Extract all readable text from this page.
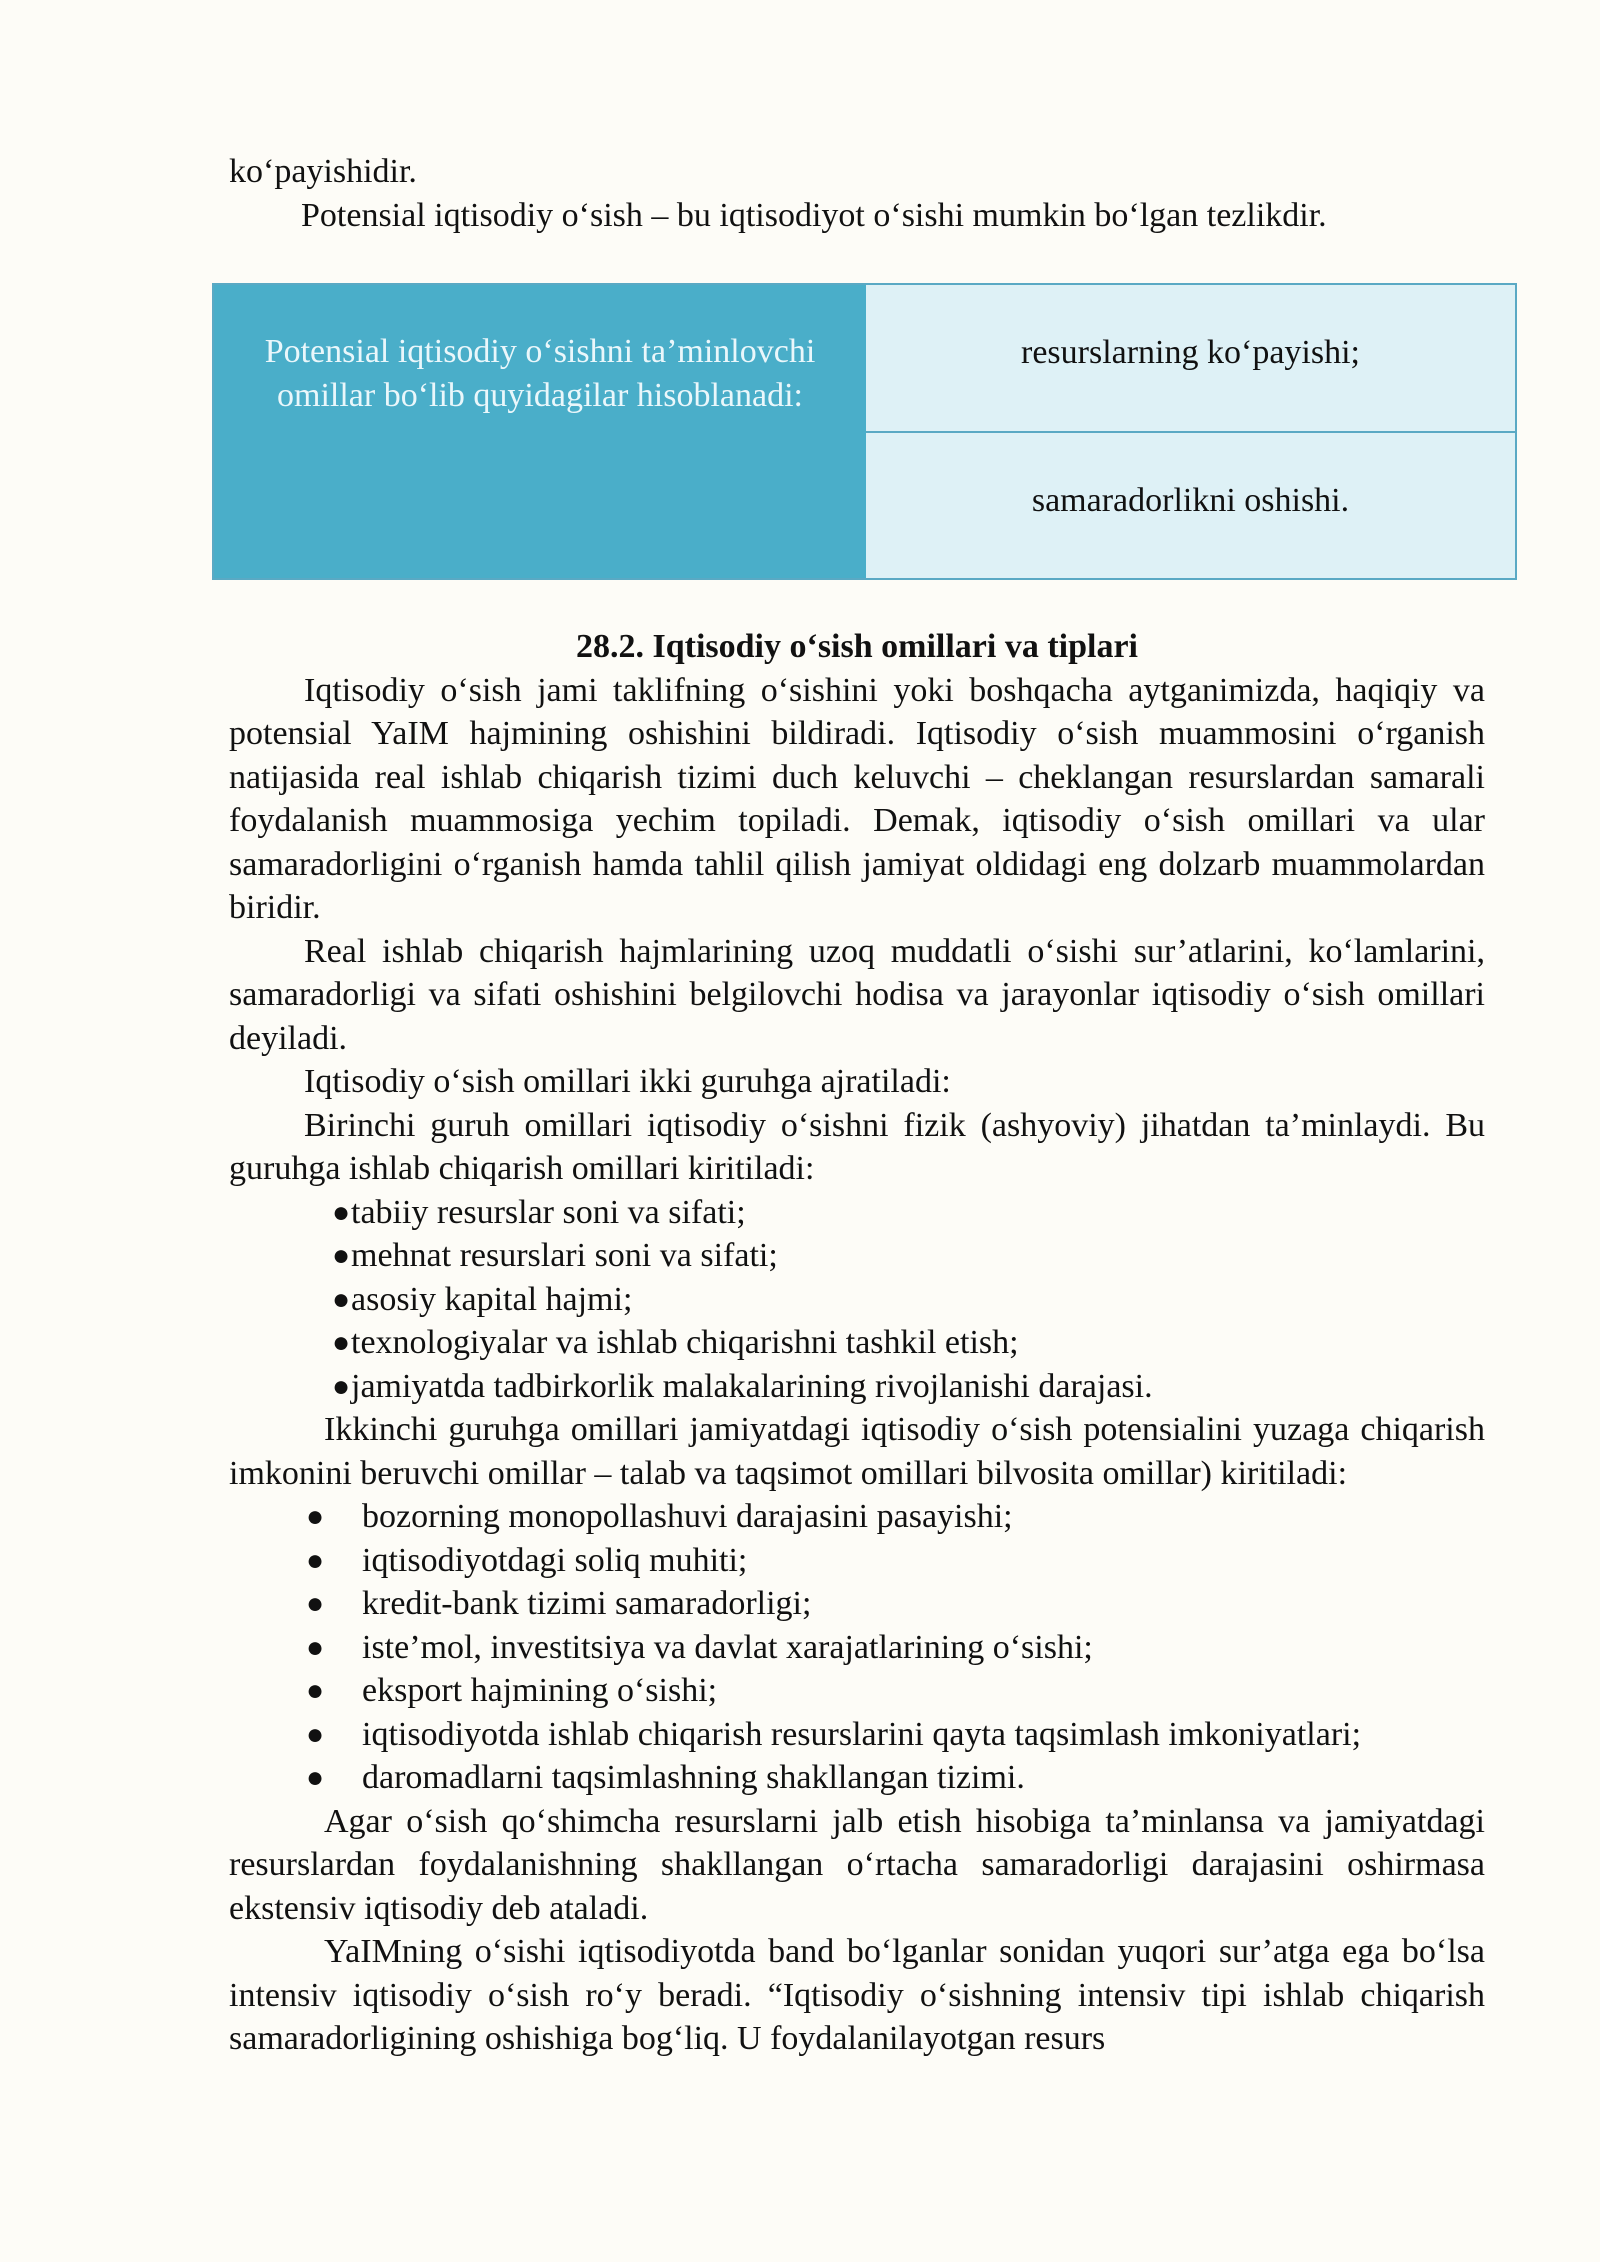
ko‘payishidir.

Potensial iqtisodiy o‘sish – bu iqtisodiyot o‘sishi mumkin bo‘lgan tezlikdir.

Potensial iqtisodiy o‘sishni ta’minlovchi omillar bo‘lib quyidagilar hisoblanadi:
resurslarning ko‘payishi;
samaradorlikni oshishi.
28.2. Iqtisodiy o‘sish omillari va tiplari

Iqtisodiy o‘sish jami taklifning o‘sishini yoki boshqacha aytganimizda, haqiqiy va potensial YaIM hajmining oshishini bildiradi. Iqtisodiy o‘sish muammosini o‘rganish natijasida real ishlab chiqarish tizimi duch keluvchi – cheklangan resurslardan samarali foydalanish muammosiga yechim topiladi. Demak, iqtisodiy o‘sish omillari va ular samaradorligini o‘rganish hamda tahlil qilish jamiyat oldidagi eng dolzarb muammolardan biridir.

Real ishlab chiqarish hajmlarining uzoq muddatli o‘sishi sur’atlarini, ko‘lamlarini, samaradorligi va sifati oshishini belgilovchi hodisa va jarayonlar iqtisodiy o‘sish omillari deyiladi.

Iqtisodiy o‘sish omillari ikki guruhga ajratiladi:

Birinchi guruh omillari iqtisodiy o‘sishni fizik (ashyoviy) jihatdan ta’minlaydi. Bu guruhga ishlab chiqarish omillari kiritiladi:

● tabiiy resurslar soni va sifati;
● mehnat resurslari soni va sifati;
● asosiy kapital hajmi;
● texnologiyalar va ishlab chiqarishni tashkil etish;
● jamiyatda tadbirkorlik malakalarining rivojlanishi darajasi.

Ikkinchi guruhga omillari jamiyatdagi iqtisodiy o‘sish potensialini yuzaga chiqarish imkonini beruvchi omillar – talab va taqsimot omillari bilvosita omillar) kiritiladi:

● bozorning monopollashuvi darajasini pasayishi;
● iqtisodiyotdagi soliq muhiti;
● kredit-bank tizimi samaradorligi;
● iste’mol, investitsiya va davlat xarajatlarining o‘sishi;
● eksport hajmining o‘sishi;
● iqtisodiyotda ishlab chiqarish resurslarini qayta taqsimlash imkoniyatlari;
● daromadlarni taqsimlashning shakllangan tizimi.

Agar o‘sish qo‘shimcha resurslarni jalb etish hisobiga ta’minlansa va jamiyatdagi resurslardan foydalanishning shakllangan o‘rtacha samaradorligi darajasini oshirmasa ekstensiv iqtisodiy deb ataladi.

YaIMning o‘sishi iqtisodiyotda band bo‘lganlar sonidan yuqori sur’atga ega bo‘lsa intensiv iqtisodiy o‘sish ro‘y beradi. “Iqtisodiy o‘sishning intensiv tipi ishlab chiqarish samaradorligining oshishiga bog‘liq. U foydalanilayotgan resurs
